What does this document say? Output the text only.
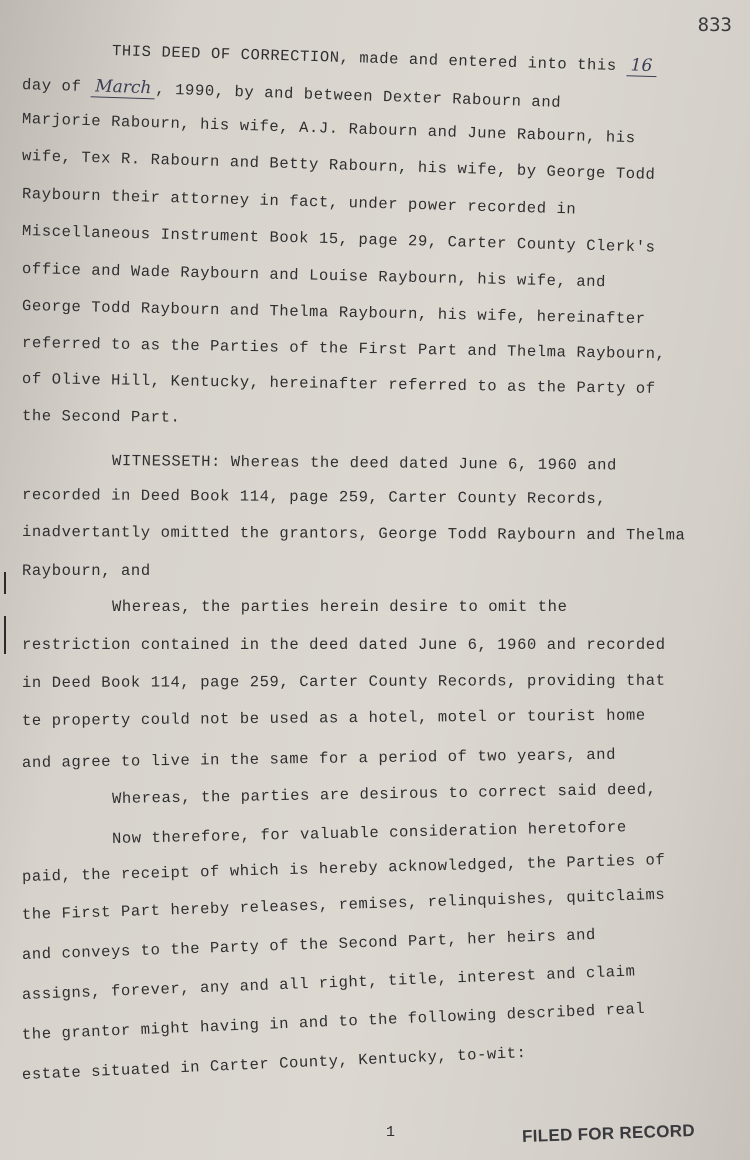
833
THIS DEED OF CORRECTION, made and entered into this 16
day of March , 1990, by and between Dexter Rabourn and
Marjorie Rabourn, his wife, A.J. Rabourn and June Rabourn, his
wife, Tex R. Rabourn and Betty Rabourn, his wife, by George Todd
Raybourn their attorney in fact, under power recorded in
Miscellaneous Instrument Book 15, page 29, Carter County Clerk's
office and Wade Raybourn and Louise Raybourn, his wife, and
George Todd Raybourn and Thelma Raybourn, his wife, hereinafter
referred to as the Parties of the First Part and Thelma Raybourn,
of Olive Hill, Kentucky, hereinafter referred to as the Party of
the Second Part.
WITNESSETH: Whereas the deed dated June 6, 1960 and
recorded in Deed Book 114, page 259, Carter County Records,
inadvertantly omitted the grantors, George Todd Raybourn and Thelma
Raybourn, and
Whereas, the parties herein desire to omit the
restriction contained in the deed dated June 6, 1960 and recorded
in Deed Book 114, page 259, Carter County Records, providing that
te property could not be used as a hotel, motel or tourist home
and agree to live in the same for a period of two years, and
Whereas, the parties are desirous to correct said deed,
Now therefore, for valuable consideration heretofore
paid, the receipt of which is hereby acknowledged, the Parties of
the First Part hereby releases, remises, relinquishes, quitclaims
and conveys to the Party of the Second Part, her heirs and
assigns, forever, any and all right, title, interest and claim
the grantor might having in and to the following described real
estate situated in Carter County, Kentucky, to-wit:
1	FILED FOR RECORD
